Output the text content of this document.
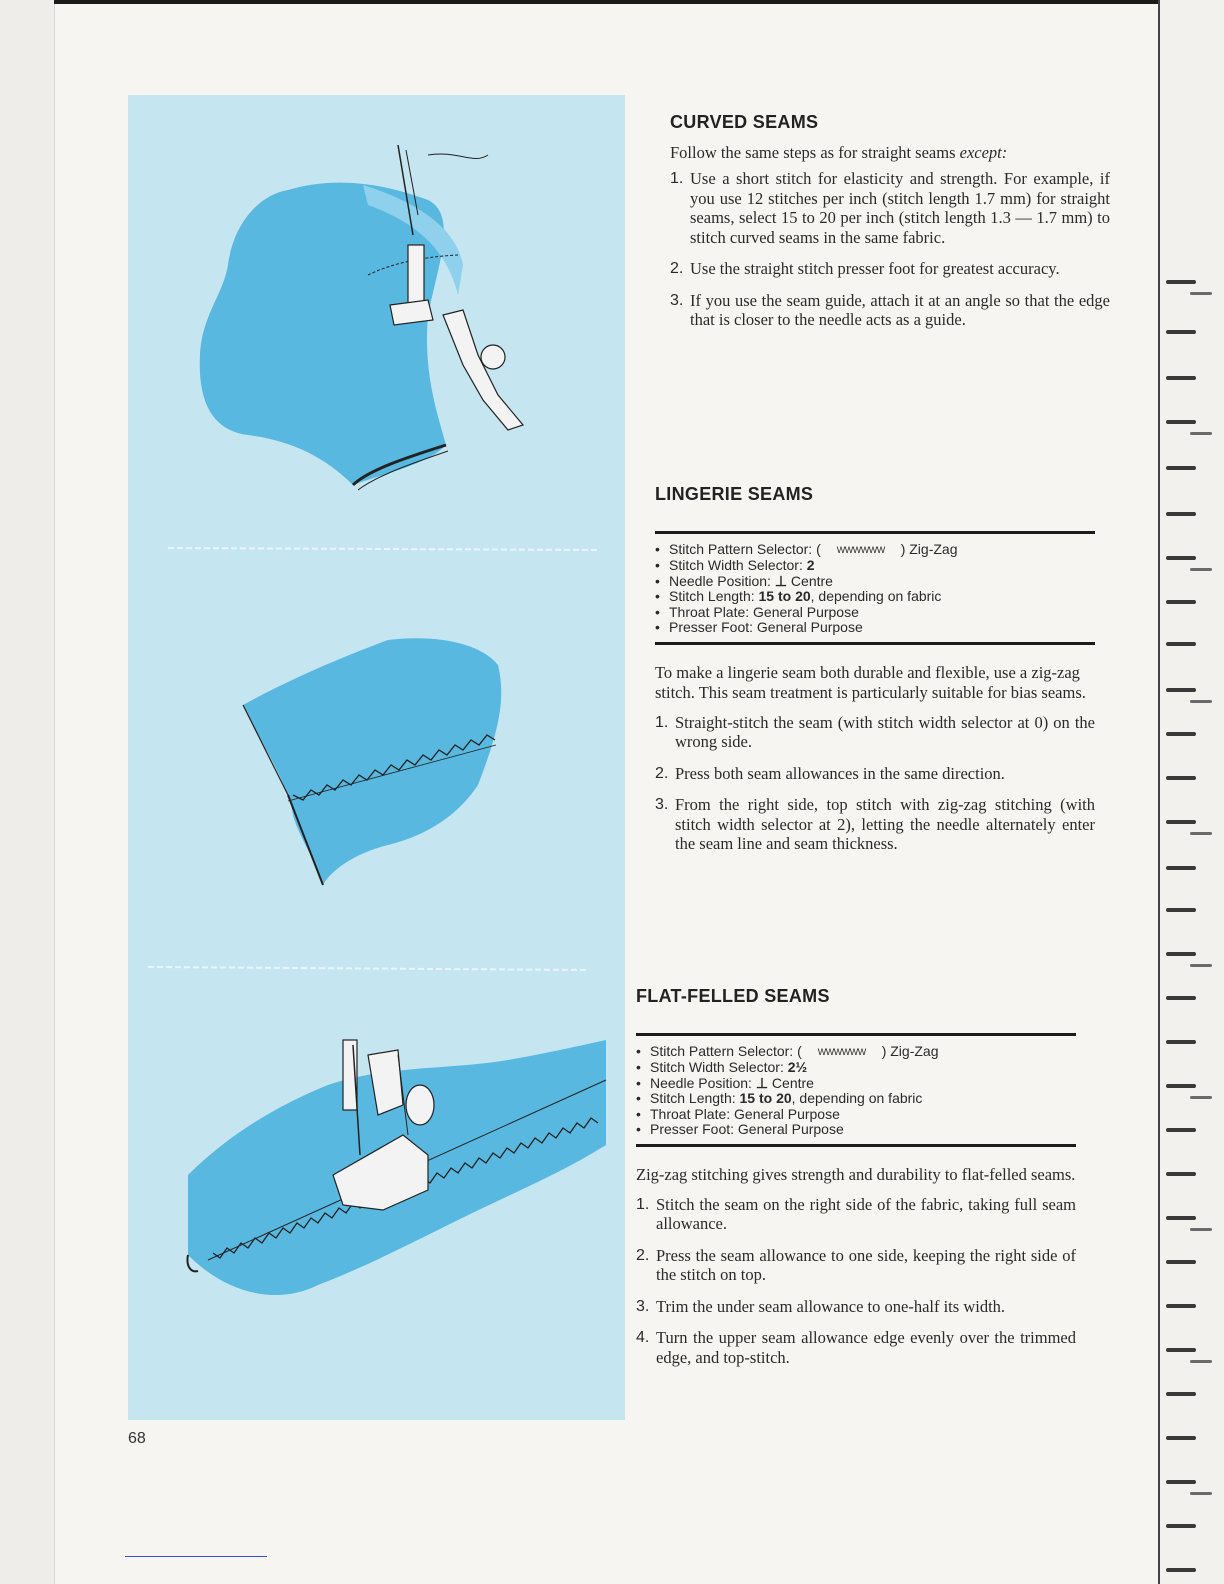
CURVED SEAMS

Follow the same steps as for straight seams except:

1. Use a short stitch for elasticity and strength. For example, if you use 12 stitches per inch (stitch length 1.7 mm) for straight seams, select 15 to 20 per inch (stitch length 1.3 — 1.7 mm) to stitch curved seams in the same fabric.
2. Use the straight stitch presser foot for greatest accuracy.
3. If you use the seam guide, attach it at an angle so that the edge that is closer to the needle acts as a guide.
LINGERIE SEAMS
• Stitch Pattern Selector: ( WWWWWW ) Zig-Zag
• Stitch Width Selector: 2
• Needle Position: ⊥ Centre
• Stitch Length: 15 to 20, depending on fabric
• Throat Plate: General Purpose
• Presser Foot: General Purpose

To make a lingerie seam both durable and flexible, use a zig-zag stitch. This seam treatment is particularly suitable for bias seams.

1. Straight-stitch the seam (with stitch width selector at 0) on the wrong side.
2. Press both seam allowances in the same direction.
3. From the right side, top stitch with zig-zag stitching (with stitch width selector at 2), letting the needle alternately enter the seam line and seam thickness.
FLAT-FELLED SEAMS
• Stitch Pattern Selector: ( WWWWWW ) Zig-Zag
• Stitch Width Selector: 2½
• Needle Position: ⊥ Centre
• Stitch Length: 15 to 20, depending on fabric
• Throat Plate: General Purpose
• Presser Foot: General Purpose

Zig-zag stitching gives strength and durability to flat-felled seams.

1. Stitch the seam on the right side of the fabric, taking full seam allowance.
2. Press the seam allowance to one side, keeping the right side of the stitch on top.
3. Trim the under seam allowance to one-half its width.
4. Turn the upper seam allowance edge evenly over the trimmed edge, and top-stitch.
68
